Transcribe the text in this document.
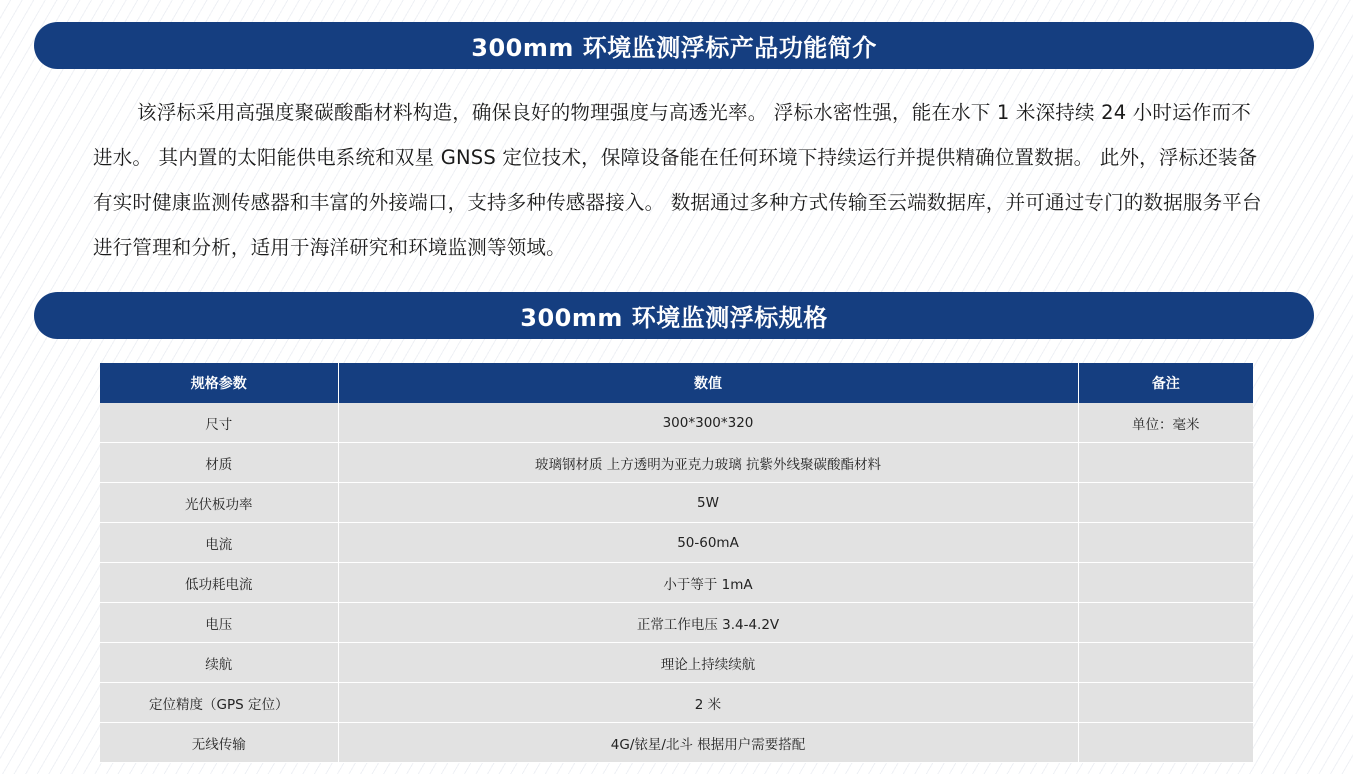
300mm 环境监测浮标产品功能简介

该浮标采用高强度聚碳酸酯材料构造，确保良好的物理强度与高透光率。 浮标水密性强，能在水下 1 米深持续 24 小时运作而不进水。 其内置的太阳能供电系统和双星 GNSS 定位技术，保障设备能在任何环境下持续运行并提供精确位置数据。 此外，浮标还装备有实时健康监测传感器和丰富的外接端口，支持多种传感器接入。 数据通过多种方式传输至云端数据库，并可通过专门的数据服务平台进行管理和分析，适用于海洋研究和环境监测等领域。

300mm 环境监测浮标规格
规格参数	数值	备注
尺寸	300*300*320	单位：毫米
材质	玻璃钢材质 上方透明为亚克力玻璃 抗紫外线聚碳酸酯材料	
光伏板功率	5W	
电流	50-60mA	
低功耗电流	小于等于 1mA	
电压	正常工作电压 3.4-4.2V	
续航	理论上持续续航	
定位精度（GPS 定位）	2 米	
无线传输	4G/铱星/北斗 根据用户需要搭配	
